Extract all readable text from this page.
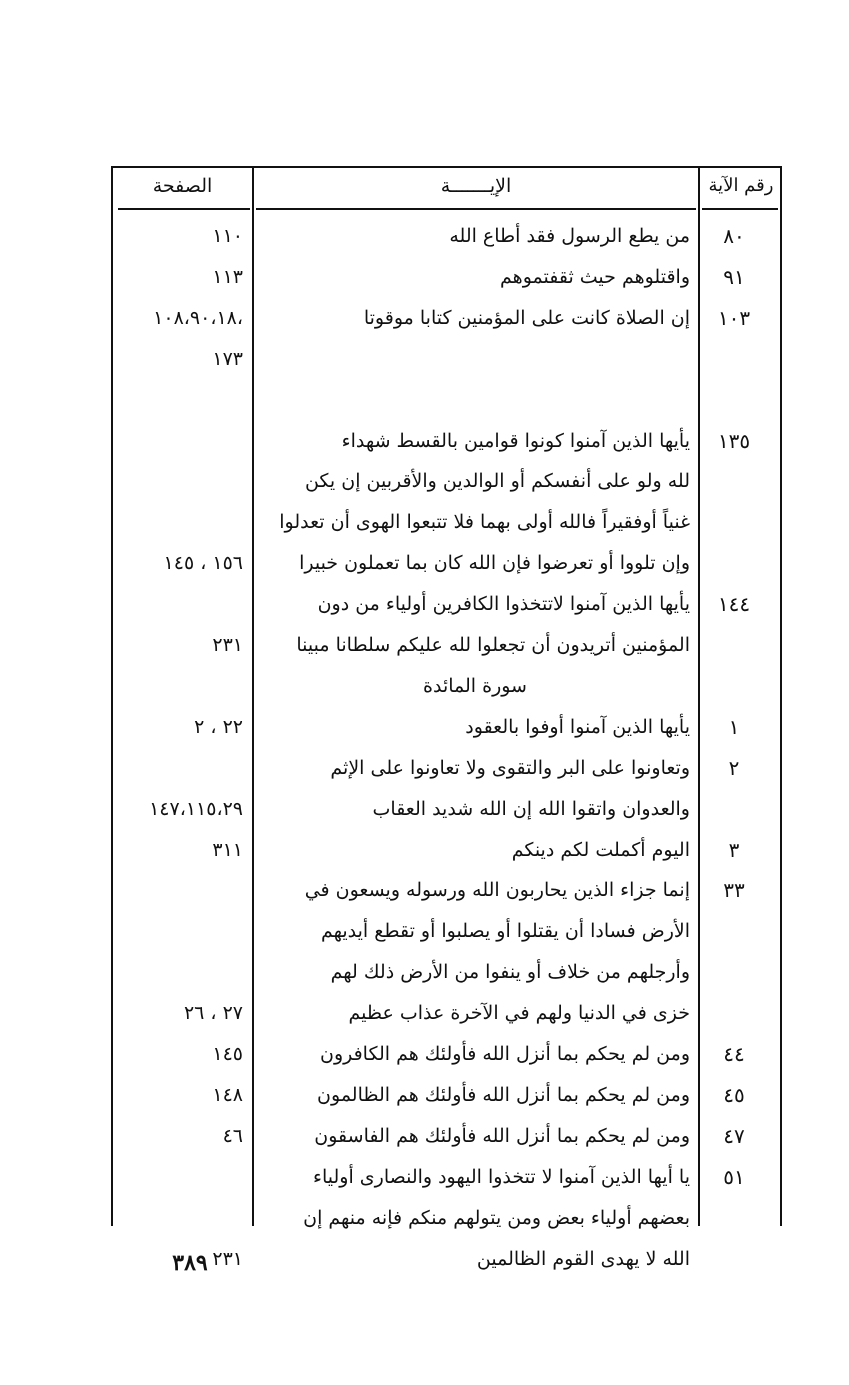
رقم الآية
الإيـــــــة
الصفحة
٨٠
من يطع الرسول فقد أطاع الله
١١٠
٩١
واقتلوهم حيث ثقفتموهم
١١٣
١٠٣
إن الصلاة كانت على المؤمنين كتابا موقوتا
،١٠٨،٩٠،١٨
١٧٣
١٣٥
يأيها الذين آمنوا كونوا قوامين بالقسط شهداء
لله ولو على أنفسكم أو الوالدين والأقربين إن يكن
غنياً أوفقيراً فالله أولى بهما فلا تتبعوا الهوى أن تعدلوا
وإن تلووا أو تعرضوا فإن الله كان بما تعملون خبيرا
١٥٦ ، ١٤٥
١٤٤
يأيها الذين آمنوا لاتتخذوا الكافرين أولياء من دون
المؤمنين أتريدون أن تجعلوا لله عليكم سلطانا مبينا
٢٣١
سورة المائدة
١
يأيها الذين آمنوا أوفوا بالعقود
٢٢ ، ٢
٢
وتعاونوا على البر والتقوى ولا تعاونوا على الإثم
والعدوان واتقوا الله إن الله شديد العقاب
١٤٧،١١٥،٢٩
٣
اليوم أكملت لكم دينكم
٣١١
٣٣
إنما جزاء الذين يحاربون الله ورسوله ويسعون في
الأرض فسادا أن يقتلوا أو يصلبوا أو تقطع أيديهم
وأرجلهم من خلاف أو ينفوا من الأرض ذلك لهم
خزى في الدنيا ولهم في الآخرة عذاب عظيم
٢٧ ، ٢٦
٤٤
ومن لم يحكم بما أنزل الله فأولئك هم الكافرون
١٤٥
٤٥
ومن لم يحكم بما أنزل الله فأولئك هم الظالمون
١٤٨
٤٧
ومن لم يحكم بما أنزل الله فأولئك هم الفاسقون
٤٦
٥١
يا أيها الذين آمنوا لا تتخذوا اليهود والنصارى أولياء
بعضهم أولياء بعض ومن يتولهم منكم فإنه منهم إن
الله لا يهدى القوم الظالمين
٢٣١
٣٨٩
